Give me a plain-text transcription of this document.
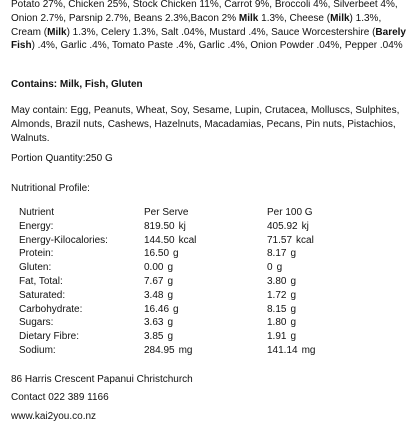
Potato 27%, Chicken 25%, Stock Chicken 11%, Carrot 9%, Broccoli 4%, Silverbeet 4%, Onion 2.7%, Parsnip 2.7%, Beans 2.3%,Bacon 2% Milk 1.3%, Cheese (Milk) 1.3%, Cream (Milk) 1.3%, Celery 1.3%, Salt .04%, Mustard .4%, Sauce Worcestershire (Barely Fish) .4%, Garlic .4%, Tomato Paste .4%, Garlic .4%, Onion Powder .04%, Pepper .04%
Contains: Milk, Fish, Gluten
May contain: Egg, Peanuts, Wheat, Soy, Sesame, Lupin, Crutacea, Molluscs, Sulphites, Almonds, Brazil nuts, Cashews, Hazelnuts, Macadamias, Pecans, Pin nuts, Pistachios, Walnuts.
Portion Quantity:250 G
Nutritional Profile:
Nutrient	Per Serve	Per 100 G
Energy:	819.50 kj	405.92 kj
Energy-Kilocalories:	144.50 kcal	71.57 kcal
Protein:	16.50 g	8.17 g
Gluten:	0.00 g	0 g
Fat, Total:	7.67 g	3.80 g
Saturated:	3.48 g	1.72 g
Carbohydrate:	16.46 g	8.15 g
Sugars:	3.63 g	1.80 g
Dietary Fibre:	3.85 g	1.91 g
Sodium:	284.95 mg	141.14 mg
86 Harris Crescent Papanui Christchurch
Contact 022 389 1166
www.kai2you.co.nz
